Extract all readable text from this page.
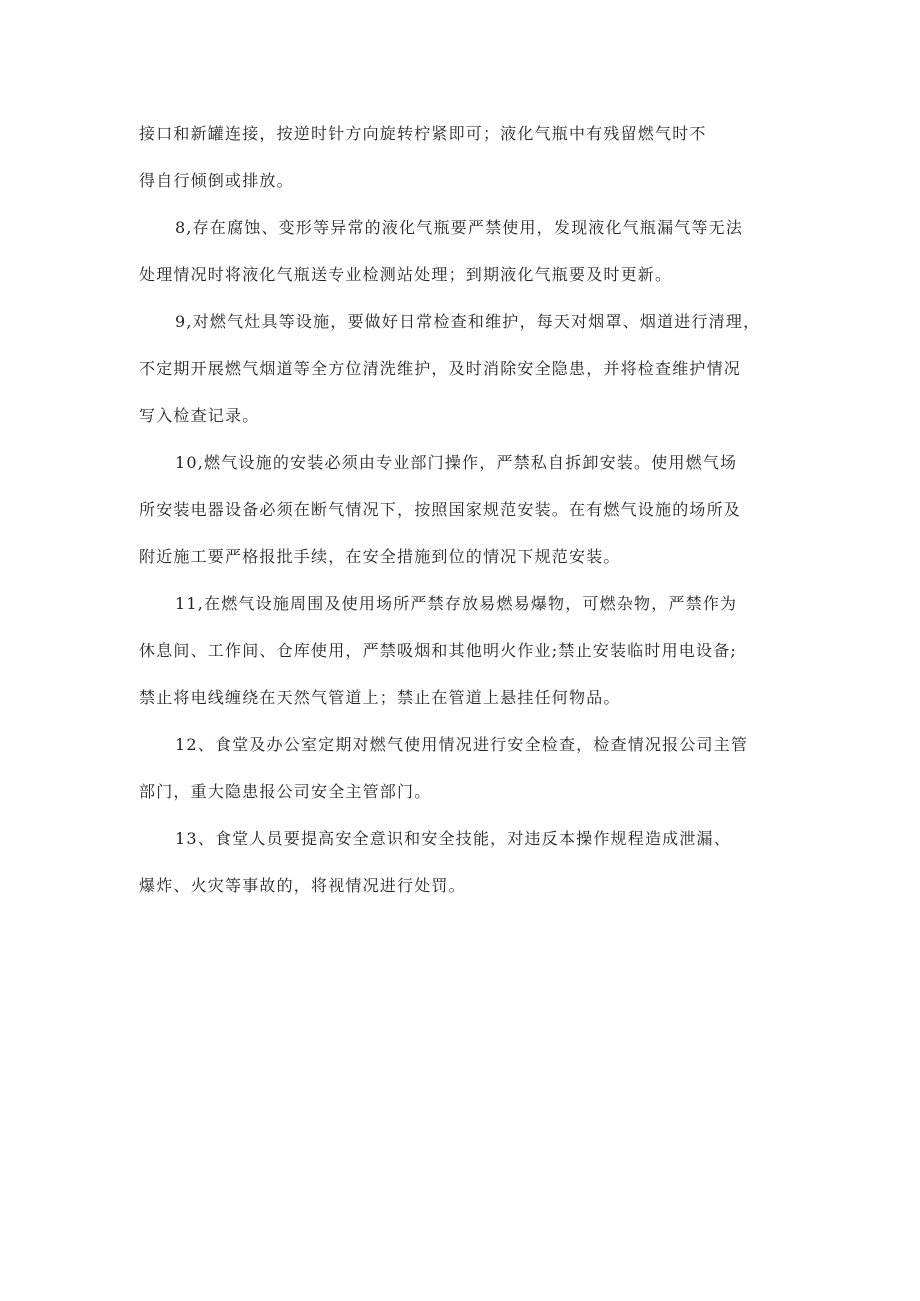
接口和新罐连接，按逆时针方向旋转柠紧即可；液化气瓶中有残留燃气时不
得自行倾倒或排放。
8,存在腐蚀、变形等异常的液化气瓶要严禁使用，发现液化气瓶漏气等无法
处理情况时将液化气瓶送专业检测站处理；到期液化气瓶要及时更新。
9,对燃气灶具等设施，要做好日常检查和维护，每天对烟罩、烟道进行清理，
不定期开展燃气烟道等全方位清洗维护，及时消除安全隐患，并将检查维护情况
写入检查记录。
10,燃气设施的安装必须由专业部门操作，严禁私自拆卸安装。使用燃气场
所安装电器设备必须在断气情况下，按照国家规范安装。在有燃气设施的场所及
附近施工要严格报批手续，在安全措施到位的情况下规范安装。
11,在燃气设施周围及使用场所严禁存放易燃易爆物，可燃杂物，严禁作为
休息间、工作间、仓库使用，严禁吸烟和其他明火作业;禁止安装临时用电设备;
禁止将电线缠绕在天然气管道上；禁止在管道上悬挂任何物品。
12、食堂及办公室定期对燃气使用情况进行安全检查，检查情况报公司主管
部门，重大隐患报公司安全主管部门。
13、食堂人员要提高安全意识和安全技能，对违反本操作规程造成泄漏、
爆炸、火灾等事故的，将视情况进行处罚。
